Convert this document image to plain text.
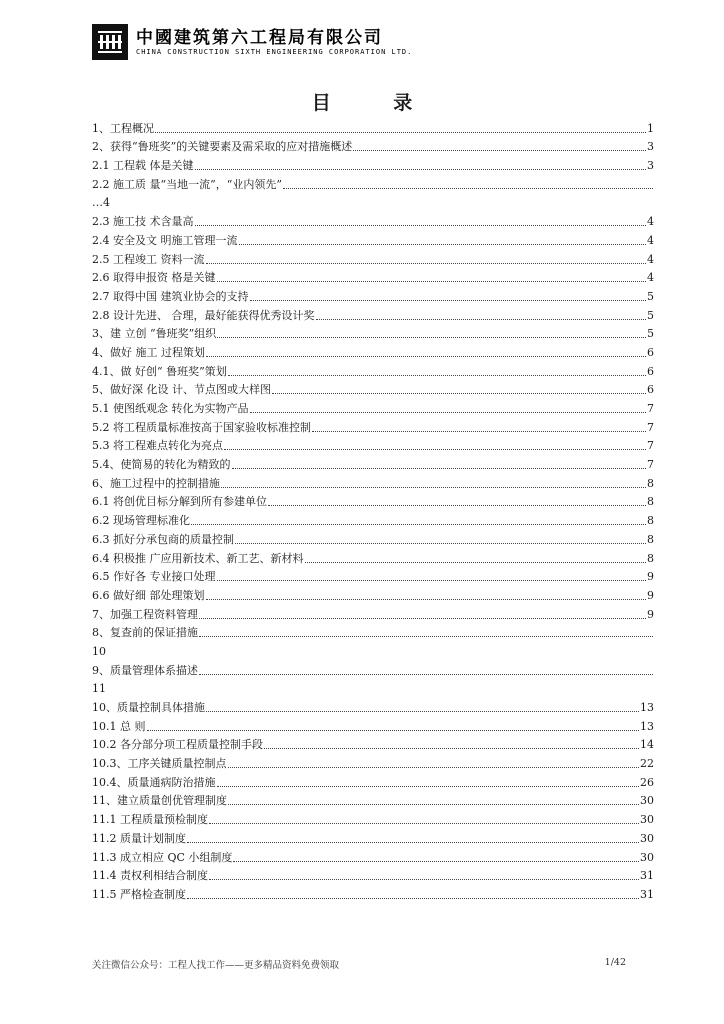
中國建筑第六工程局有限公司
CHINA CONSTRUCTION SIXTH ENGINEERING CORPORATION LTD.
目 录
1、工程概况	1
2、获得“鲁班奖”的关键要素及需采取的应对措施概述	3
2.1 工程载 体是关键	3
2.2 施工质 量“当地一流”，“业内领先”
… 4
2.3 施工技 术含量高	4
2.4 安全及文 明施工管理一流	4
2.5 工程竣工 资料一流	4
2.6 取得申报资 格是关键	4
2.7 取得中国 建筑业协会的支持	5
2.8 设计先进、 合理，最好能获得优秀设计奖	5
3、建 立创 “鲁班奖”组织	5
4、做好 施工 过程策划	6
4.1、做 好创“ 鲁班奖”策划	6
5、做好深 化设 计、节点图或大样图	6
5.1 使图纸观念 转化为实物产品	7
5.2 将工程质量标准按高于国家验收标准控制	7
5.3 将工程难点转化为亮点	7
5.4、使简易的转化为精致的	7
6、施工过程中的控制措施	8
6.1 将创优目标分解到所有参建单位	8
6.2 现场管理标准化	8
6.3 抓好分承包商的质量控制	8
6.4 积极推 广应用新技术、新工艺、新材料	8
6.5 作好各 专业接口处理	9
6.6 做好细 部处理策划	9
7、加强工程资料管理	9
8、复查前的保证措施
10
9、质量管理体系描述
11
10、质量控制具体措施	13
10.1 总 则	13
10.2 各分部分项工程质量控制手段	14
10.3、工序关键质量控制点	22
10.4、质量通病防治措施	26
11、建立质量创优管理制度	30
11.1 工程质量预检制度	30
11.2 质量计划制度	30
11.3 成立相应 QC 小组制度	30
11.4 责权利相结合制度	31
11.5 严格检查制度	31
关注微信公众号：工程人找工作——更多精品资料免费领取	1/42
